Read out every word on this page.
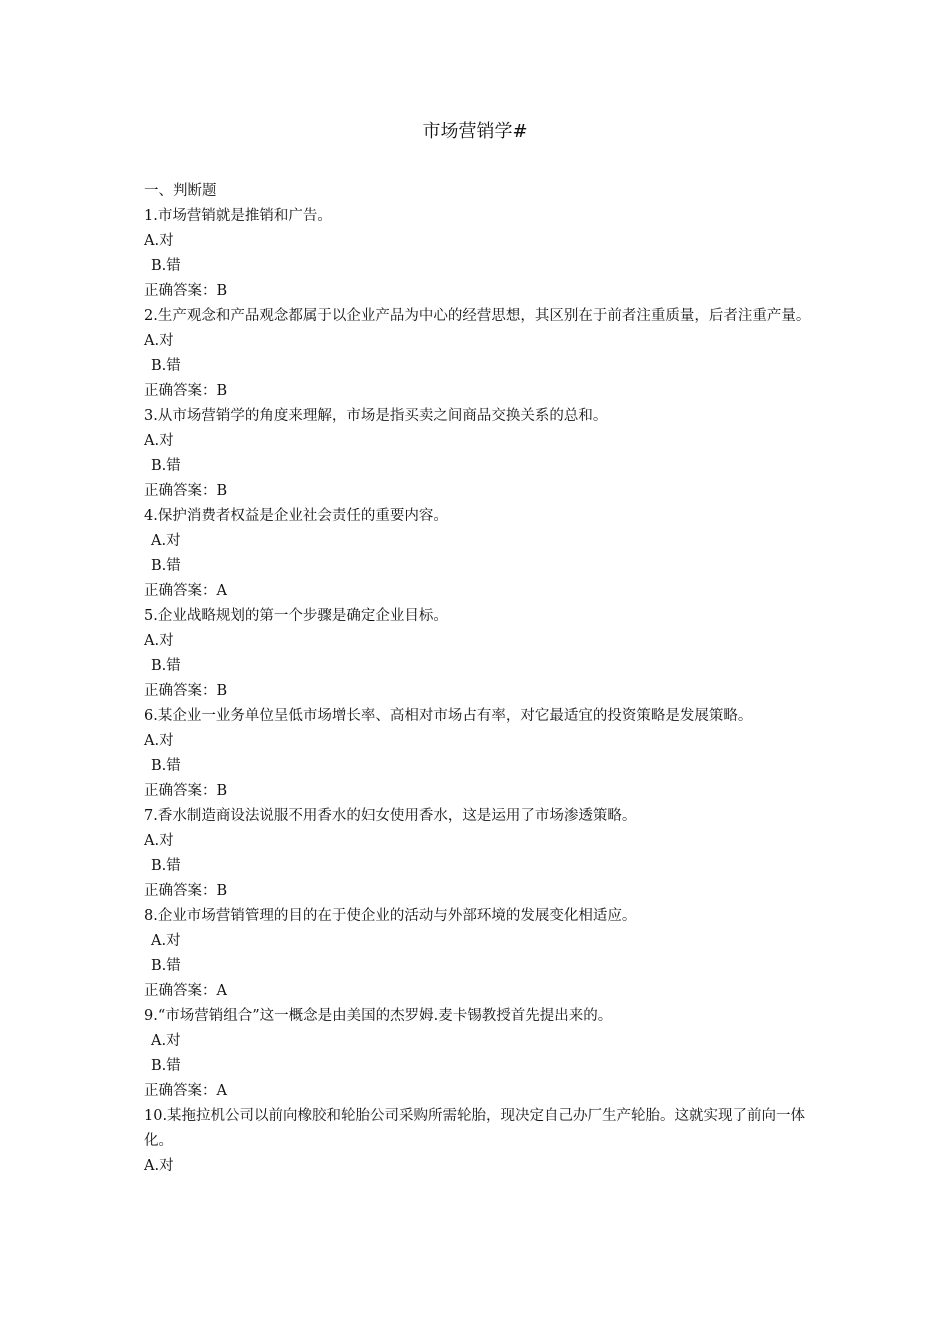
市场营销学#
一、判断题
1.市场营销就是推销和广告。
A.对
B.错
正确答案：B
2.生产观念和产品观念都属于以企业产品为中心的经营思想，其区别在于前者注重质量，后者注重产量。
A.对
B.错
正确答案：B
3.从市场营销学的角度来理解，市场是指买卖之间商品交换关系的总和。
A.对
B.错
正确答案：B
4.保护消费者权益是企业社会责任的重要内容。
A.对
B.错
正确答案：A
5.企业战略规划的第一个步骤是确定企业目标。
A.对
B.错
正确答案：B
6.某企业一业务单位呈低市场增长率、高相对市场占有率，对它最适宜的投资策略是发展策略。
A.对
B.错
正确答案：B
7.香水制造商设法说服不用香水的妇女使用香水，这是运用了市场渗透策略。
A.对
B.错
正确答案：B
8.企业市场营销管理的目的在于使企业的活动与外部环境的发展变化相适应。
A.对
B.错
正确答案：A
9.“市场营销组合”这一概念是由美国的杰罗姆.麦卡锡教授首先提出来的。
A.对
B.错
正确答案：A
10.某拖拉机公司以前向橡胶和轮胎公司采购所需轮胎，现决定自己办厂生产轮胎。这就实现了前向一体化。
A.对
